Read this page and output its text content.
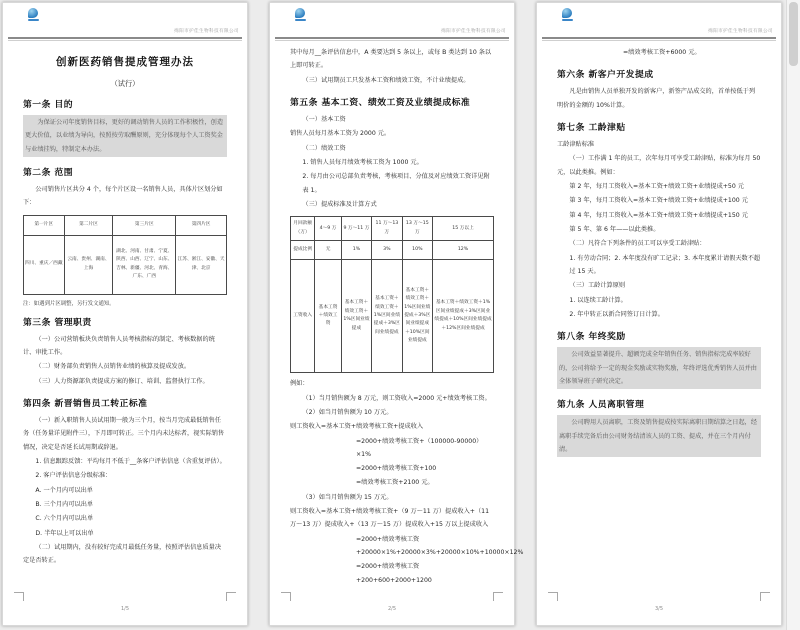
绵阳市护佳生物科技有限公司
创新医药销售提成管理办法
（试行）
第一条 目的
为保证公司年度销售目标，更好的调动销售人员的工作积极性，创造更大价值，以业绩为导向，按照按劳取酬原则，充分体现每个人工资奖金与业绩挂钩，特制定本办法。
第二条 范围
公司销售片区共分 4 个，每个片区设一名销售人员，具体片区划分如下：
第一片区	第二片区	第三片区	第四片区
四川、重庆／西藏	云南、贵州、湖南、上海	湖北、河南、甘肃、宁夏、陕西、山西、辽宁、山东、吉林、新疆、河北、青海、广东、广西	江苏、浙江、安徽、天津、北京
注：如遇到片区调整，另行发文通知。
第三条 管理职责
（一）公司营销板块负责销售人员考核指标的制定、考核数据的统计、审批工作。
（二）财务部负责销售人员销售业绩的核算及提成发放。
（三）人力资源部负责提成方案的修订、培训、监督执行工作。
第四条 新晋销售员工转正标准
（一）新入职销售人员试用期一般为三个月，按当月完成最低销售任务（任务量详见附件三），下月即可转正。三个月内未达标者，视实际销售情况，决定是否延长试用期或辞退。
1. 信息跟踪反馈：平均每月不低于__条客户评估信息（含重复评估）。
2. 客户评估信息分级标准：
A. 一个月内可以出单
B. 三个月内可以出单
C. 六个月内可以出单
D. 半年以上可以出单
（二）试用期内，没有较好完成月最低任务量，按照评估信息质量决定是否转正。
1/5
绵阳市护佳生物科技有限公司
其中每月__条评估信息中，A 类要达到 5 条以上，或每 B 类达到 10 条以上即可转正。
（三）试用期员工只发基本工资和绩效工资，不计业绩提成。
第五条 基本工资、绩效工资及业绩提成标准
（一）基本工资
销售人员每月基本工资为 2000 元。
（二）绩效工资
1. 销售人员每月绩效考核工资为 1000 元。
2. 每月由公司总部负责考核，考核项目、分值及对应绩效工资详见附表 1。
（三）提成标准及计算方式
月回款额（万）	4～9 万	9 万～11 万	11 万～13 万	13 万～15 万	15 万以上
提成比例	无	1%	3%	10%	12%
工资收入	基本工资＋绩效工资	基本工资＋绩效工资＋1%区间业绩提成	基本工资＋绩效工资＋1%区间业绩提成＋3%区间业绩提成	基本工资＋绩效工资＋1%区间业绩提成＋3%区间业绩提成＋10%区间业绩提成	基本工资＋绩效工资＋1%区间业绩提成＋3%区间业绩提成＋10%区间业绩提成＋12%区间业绩提成
例如：
（1）当月销售额为 8 万元，则工资收入=2000 元+绩效考核工资。
（2）如当月销售额为 10 万元。
则工资收入=基本工资+绩效考核工资+提成收入
=2000+绩效考核工资+（100000-90000）×1%
=2000+绩效考核工资+100
=绩效考核工资+2100 元。
（3）如当月销售额为 15 万元。
则工资收入=基本工资+绩效考核工资+（9 万～11 万）提成收入+（11 万～13 万）提成收入+（13 万～15 万）提成收入+15 万以上提成收入
=2000+绩效考核工资+20000×1%+20000×3%+20000×10%+10000×12%
=2000+绩效考核工资+200+600+2000+1200
2/5
绵阳市护佳生物科技有限公司
=绩效考核工资+6000 元。
第六条 新客户开发提成
凡是由销售人员单独开发的新客户，新签产品成交的，首单按低于列明价的金额的 10%计算。
第七条 工龄津贴
工龄津贴标准
（一）工作满 1 年的员工，次年每月可享受工龄津贴，标准为每月 50 元，以此类推。例如：
第 2 年，每月工资收入=基本工资+绩效工资+业绩提成+50 元
第 3 年，每月工资收入=基本工资+绩效工资+业绩提成+100 元
第 4 年，每月工资收入=基本工资+绩效工资+业绩提成+150 元
第 5 年、第 6 年——以此类推。
（二）凡符合下列条件的员工可以享受工龄津贴：
1. 有劳动合同；2. 本年度没有旷工记录；3. 本年度累计请假天数不超过 15 天。
（三）工龄计算原则
1. 以连续工龄计算。
2. 年中转正以新合同签订日计算。
第八条 年终奖励
公司效益显著提升、超额完成全年销售任务、销售指标完成率较好的，公司将给予一定的现金奖励或实物奖励，年终评选优秀销售人员并由全体领导班子研究决定。
第九条 人员离职管理
公司聘用人员离职，工资及销售提成按实际离职日期结算之日起，经离职手续完备后由公司财务结清该人员的工资、提成，并在三个月内付清。
3/5
